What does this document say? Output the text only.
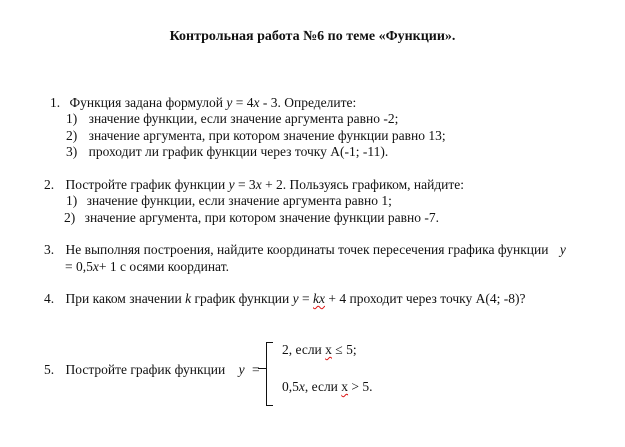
Контрольная работа №6 по теме «Функции».
1. Функция задана формулой y = 4x - 3. Определите:
1) значение функции, если значение аргумента равно -2;
2) значение аргумента, при котором значение функции равно 13;
3) проходит ли график функции через точку А(-1; -11).
2. Постройте график функции y = 3x + 2. Пользуясь графиком, найдите:
1) значение функции, если значение аргумента равно 1;
2) значение аргумента, при котором значение функции равно -7.
3. Не выполняя построения, найдите координаты точек пересечения графика функции y
= 0,5x+ 1 с осями координат.
4. При каком значении k график функции y = kx + 4 проходит через точку А(4; -8)?
5. Постройте график функции y =
2, если х ≤ 5;
0,5x, если х > 5.
